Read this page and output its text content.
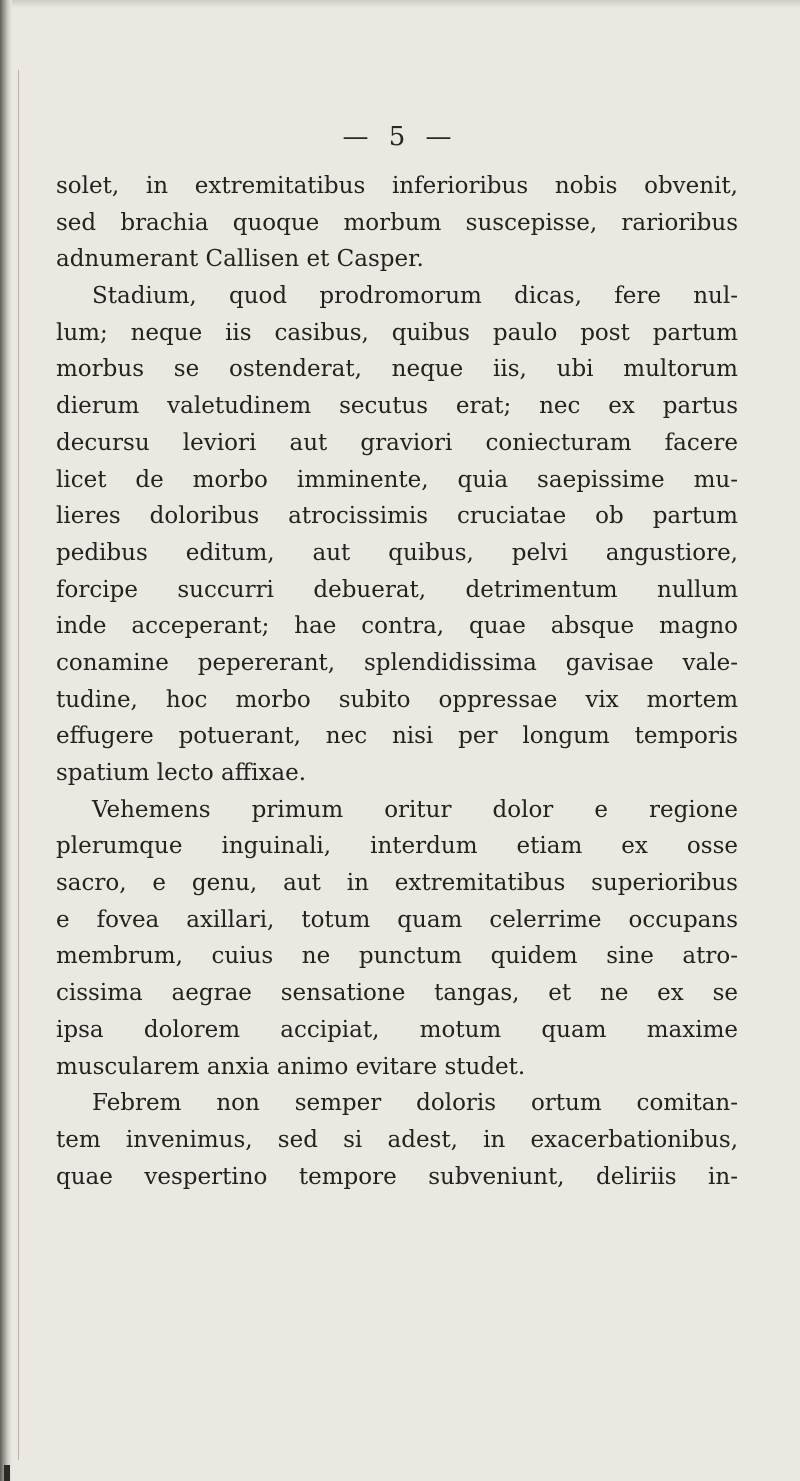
— 5 —
solet, in extremitatibus inferioribus nobis obvenit,
sed brachia quoque morbum suscepisse, rarioribus
adnumerant Callisen et Casper.
Stadium, quod prodromorum dicas, fere nul-
lum; neque iis casibus, quibus paulo post partum
morbus se ostenderat, neque iis, ubi multorum
dierum valetudinem secutus erat; nec ex partus
decursu leviori aut graviori coniecturam facere
licet de morbo imminente, quia saepissime mu-
lieres doloribus atrocissimis cruciatae ob partum
pedibus editum, aut quibus, pelvi angustiore,
forcipe succurri debuerat, detrimentum nullum
inde acceperant; hae contra, quae absque magno
conamine pepererant, splendidissima gavisae vale-
tudine, hoc morbo subito oppressae vix mortem
effugere potuerant, nec nisi per longum temporis
spatium lecto affixae.
Vehemens primum oritur dolor e regione
plerumque inguinali, interdum etiam ex osse
sacro, e genu, aut in extremitatibus superioribus
e fovea axillari, totum quam celerrime occupans
membrum, cuius ne punctum quidem sine atro-
cissima aegrae sensatione tangas, et ne ex se
ipsa dolorem accipiat, motum quam maxime
muscularem anxia animo evitare studet.
Febrem non semper doloris ortum comitan-
tem invenimus, sed si adest, in exacerbationibus,
quae vespertino tempore subveniunt, deliriis in-
